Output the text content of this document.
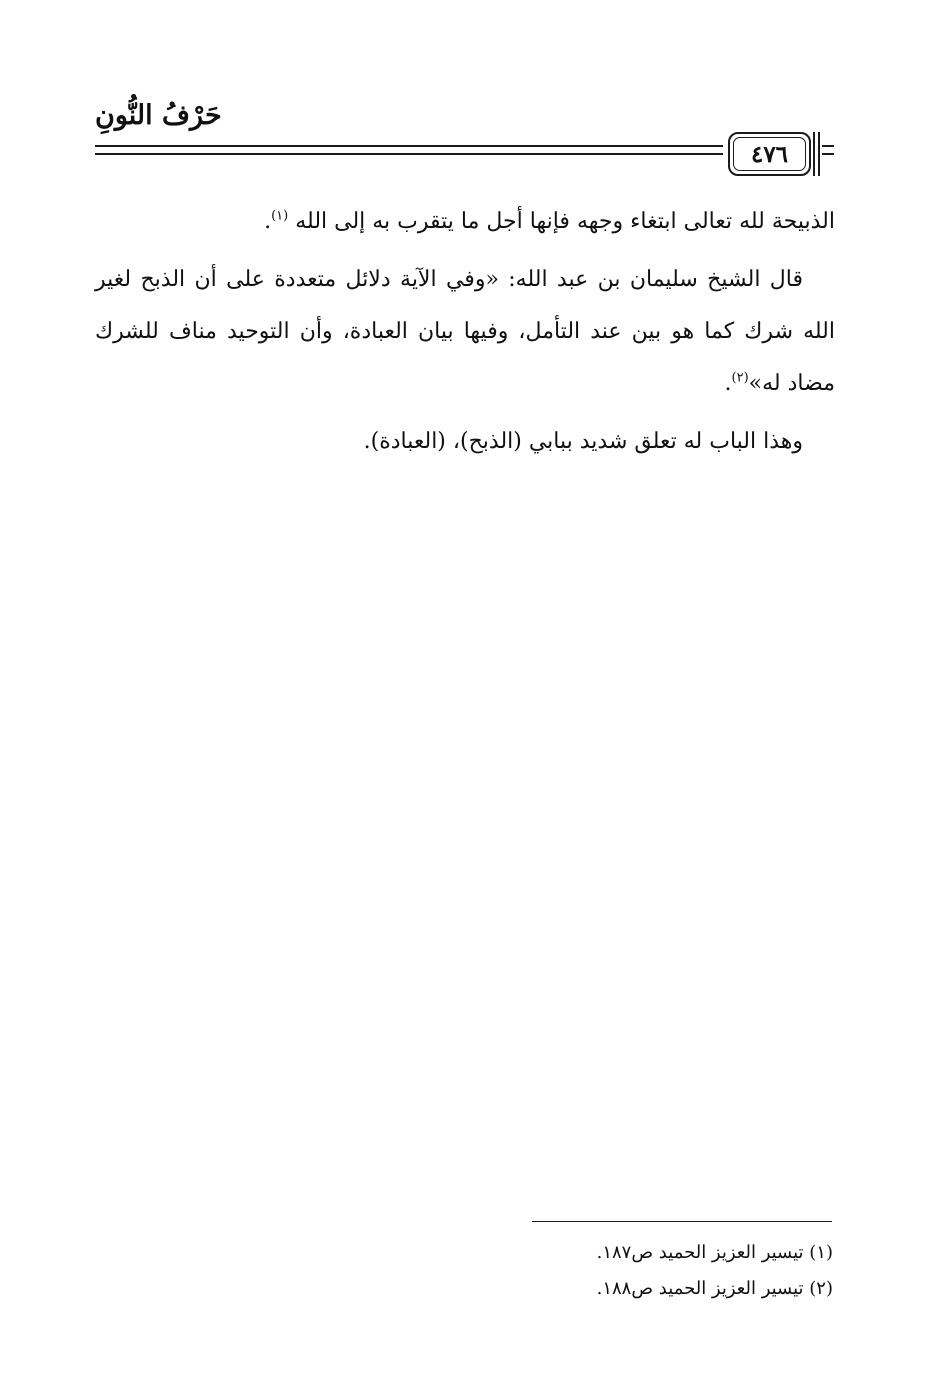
حَرْفُ النُّونِ
٤٧٦

الذبيحة لله تعالى ابتغاء وجهه فإنها أجل ما يتقرب به إلى الله $^{(١)}$.

قال الشيخ سليمان بن عبد الله: «وفي الآية دلائل متعددة على أن الذبح لغير الله شرك كما هو بين عند التأمل، وفيها بيان العبادة، وأن التوحيد مناف للشرك مضاد له»$^{(٢)}$.

وهذا الباب له تعلق شديد ببابي (الذبح)، (العبادة).

(١) تيسير العزيز الحميد ص١٨٧.
(٢) تيسير العزيز الحميد ص١٨٨.
